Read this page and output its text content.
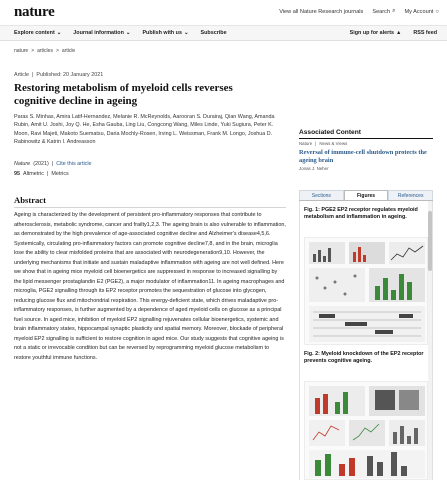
nature	View all Nature Research journals Search ⌕ My Account ○
Explore content ⌄ Journal information ⌄ Publish with us ⌄ Subscribe	Sign up for alerts ▲ RSS feed
nature > articles > article
Article | Published: 20 January 2021
Restoring metabolism of myeloid cells reverses cognitive decline in ageing
Paras S. Minhas, Amira Latif-Hernandez, Melanie R. McReynolds, Aarooran S. Durairaj, Qian Wang, Amanda Rubin, Amit U. Joshi, Joy Q. He, Esha Gauba, Ling Liu, Congcong Wang, Miles Linde, Yuki Sugiura, Peter K. Moon, Ravi Majeti, Makoto Suematsu, Daria Mochly-Rosen, Irving L. Weissman, Frank M. Longo, Joshua D. Rabinowitz & Katrin I. Andreasson
Nature (2021) | Cite this article
95 Altmetric | Metrics
Abstract

Ageing is characterized by the development of persistent pro-inflammatory responses that contribute to atherosclerosis, metabolic syndrome, cancer and frailty1,2,3. The ageing brain is also vulnerable to inflammation, as demonstrated by the high prevalence of age-associated cognitive decline and Alzheimer's disease4,5,6. Systemically, circulating pro-inflammatory factors can promote cognitive decline7,8, and in the brain, microglia lose the ability to clear misfolded proteins that are associated with neurodegeneration9,10. However, the underlying mechanisms that initiate and sustain maladaptive inflammation with ageing are not well defined. Here we show that in ageing mice myeloid cell bioenergetics are suppressed in response to increased signalling by the lipid messenger prostaglandin E2 (PGE2), a major modulator of inflammation11. In ageing macrophages and microglia, PGE2 signalling through its EP2 receptor promotes the sequestration of glucose into glycogen, reducing glucose flux and mitochondrial respiration. This energy-deficient state, which drives maladaptive pro-inflammatory responses, is further augmented by a dependence of aged myeloid cells on glucose as a principal fuel source. In aged mice, inhibition of myeloid EP2 signalling rejuvenates cellular bioenergetics, systemic and brain inflammatory states, hippocampal synaptic plasticity and spatial memory. Moreover, blockade of peripheral myeloid EP2 signalling is sufficient to restore cognition in aged mice. Our study suggests that cognitive ageing is not a static or irrevocable condition but can be reversed by reprogramming myeloid glucose metabolism to restore youthful immune functions.

Associated Content
Nature | News & Views
Reversal of immune-cell shutdown protects the ageing brain
Jonas J. Neher
Sections	Figures	References
Fig. 1: PGE2 EP2 receptor regulates myeloid metabolism and inflammation in ageing.
Fig. 2: Myeloid knockdown of the EP2 receptor prevents cognitive ageing.
